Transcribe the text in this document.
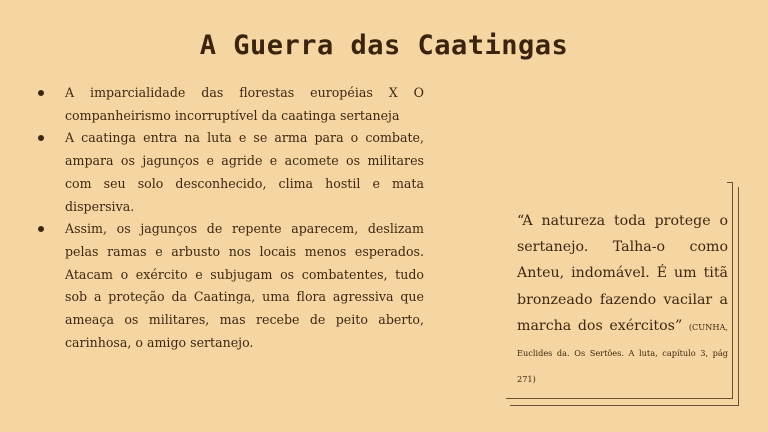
A Guerra das Caatingas
A imparcialidade das florestas européias X O companheirismo incorruptível da caatinga sertaneja
A caatinga entra na luta e se arma para o combate, ampara os jagunços e agride e acomete os militares com seu solo desconhecido, clima hostil e mata dispersiva.
Assim, os jagunços de repente aparecem, deslizam pelas ramas e arbusto nos locais menos esperados. Atacam o exército e subjugam os combatentes, tudo sob a proteção da Caatinga, uma flora agressiva que ameaça os militares, mas recebe de peito aberto, carinhosa, o amigo sertanejo.
“A natureza toda protege o sertanejo. Talha-o como Anteu, indomável. É um titã bronzeado fazendo vacilar a marcha dos exércitos” (CUNHA, Euclides da. Os Sertões. A luta, capítulo 3, pág 271)
